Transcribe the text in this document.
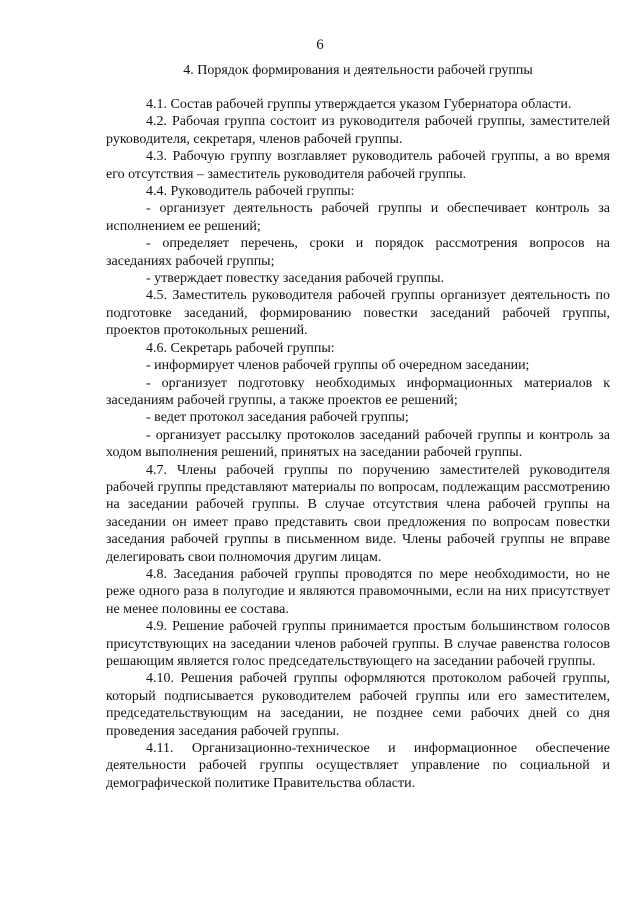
6
4. Порядок формирования и деятельности рабочей группы

4.1. Состав рабочей группы утверждается указом Губернатора области.

4.2. Рабочая группа состоит из руководителя рабочей группы, заместителей руководителя, секретаря, членов рабочей группы.

4.3. Рабочую группу возглавляет руководитель рабочей группы, а во время его отсутствия – заместитель руководителя рабочей группы.

4.4. Руководитель рабочей группы:

- организует деятельность рабочей группы и обеспечивает контроль за исполнением ее решений;

- определяет перечень, сроки и порядок рассмотрения вопросов на заседаниях рабочей группы;

- утверждает повестку заседания рабочей группы.

4.5. Заместитель руководителя рабочей группы организует деятельность по подготовке заседаний, формированию повестки заседаний рабочей группы, проектов протокольных решений.

4.6. Секретарь рабочей группы:

- информирует членов рабочей группы об очередном заседании;

- организует подготовку необходимых информационных материалов к заседаниям рабочей группы, а также проектов ее решений;

- ведет протокол заседания рабочей группы;

- организует рассылку протоколов заседаний рабочей группы и контроль за ходом выполнения решений, принятых на заседании рабочей группы.

4.7. Члены рабочей группы по поручению заместителей руководителя рабочей группы представляют материалы по вопросам, подлежащим рассмотрению на заседании рабочей группы. В случае отсутствия члена рабочей группы на заседании он имеет право представить свои предложения по вопросам повестки заседания рабочей группы в письменном виде. Члены рабочей группы не вправе делегировать свои полномочия другим лицам.

4.8. Заседания рабочей группы проводятся по мере необходимости, но не реже одного раза в полугодие и являются правомочными, если на них присутствует не менее половины ее состава.

4.9. Решение рабочей группы принимается простым большинством голосов присутствующих на заседании членов рабочей группы. В случае равенства голосов решающим является голос председательствующего на заседании рабочей группы.

4.10. Решения рабочей группы оформляются протоколом рабочей группы, который подписывается руководителем рабочей группы или его заместителем, председательствующим на заседании, не позднее семи рабочих дней со дня проведения заседания рабочей группы.

4.11. Организационно-техническое и информационное обеспечение деятельности рабочей группы осуществляет управление по социальной и демографической политике Правительства области.
